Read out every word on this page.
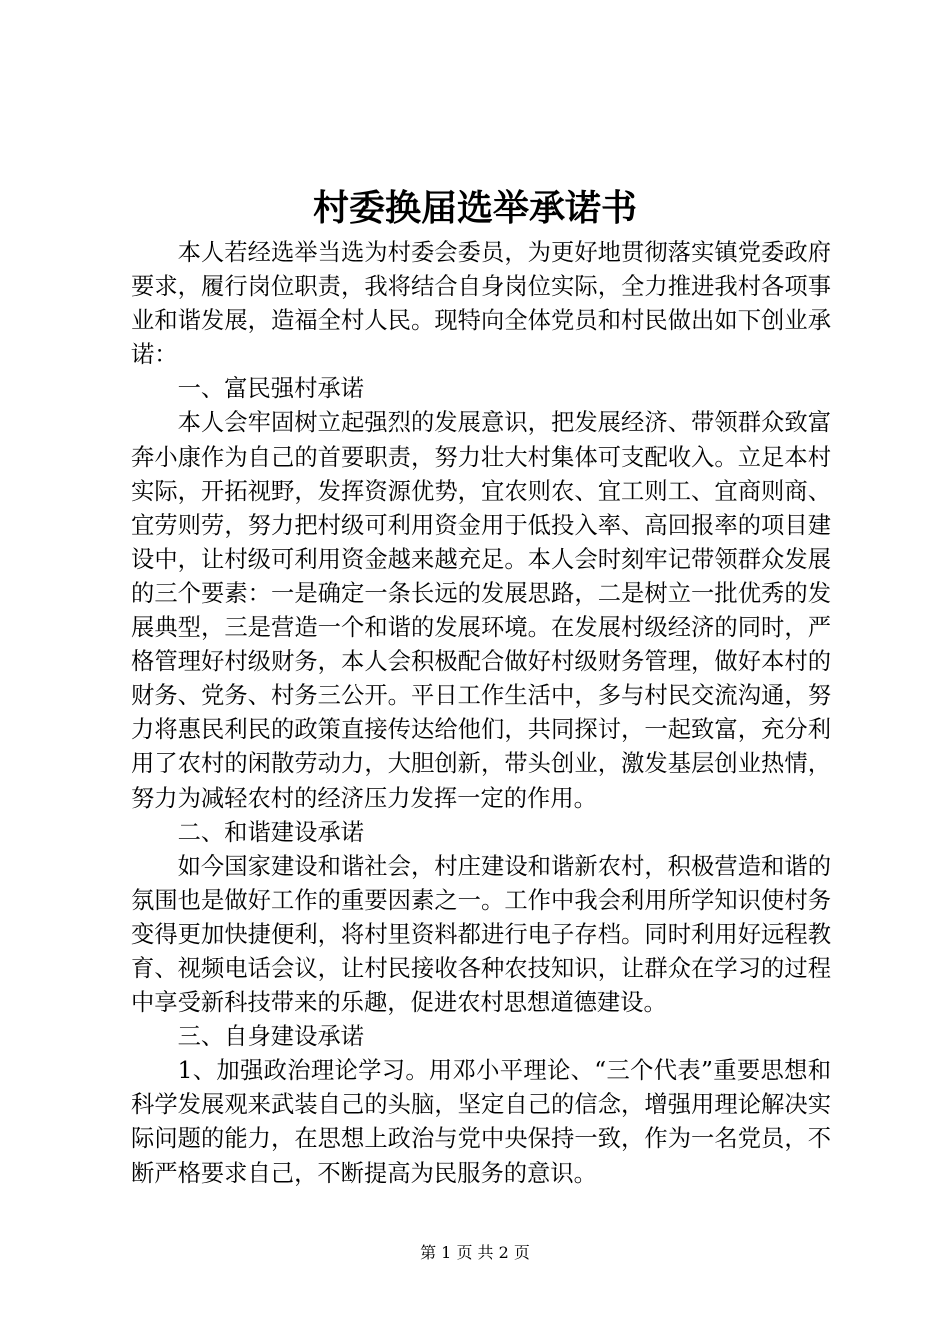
村委换届选举承诺书

本人若经选举当选为村委会委员，为更好地贯彻落实镇党委政府要求，履行岗位职责，我将结合自身岗位实际，全力推进我村各项事业和谐发展，造福全村人民。现特向全体党员和村民做出如下创业承诺：

一、富民强村承诺

本人会牢固树立起强烈的发展意识，把发展经济、带领群众致富奔小康作为自己的首要职责，努力壮大村集体可支配收入。立足本村实际，开拓视野，发挥资源优势，宜农则农、宜工则工、宜商则商、宜劳则劳，努力把村级可利用资金用于低投入率、高回报率的项目建设中，让村级可利用资金越来越充足。本人会时刻牢记带领群众发展的三个要素：一是确定一条长远的发展思路，二是树立一批优秀的发展典型，三是营造一个和谐的发展环境。在发展村级经济的同时，严格管理好村级财务，本人会积极配合做好村级财务管理，做好本村的财务、党务、村务三公开。平日工作生活中，多与村民交流沟通，努力将惠民利民的政策直接传达给他们，共同探讨，一起致富，充分利用了农村的闲散劳动力，大胆创新，带头创业，激发基层创业热情，努力为减轻农村的经济压力发挥一定的作用。

二、和谐建设承诺

如今国家建设和谐社会，村庄建设和谐新农村，积极营造和谐的氛围也是做好工作的重要因素之一。工作中我会利用所学知识使村务变得更加快捷便利，将村里资料都进行电子存档。同时利用好远程教育、视频电话会议，让村民接收各种农技知识，让群众在学习的过程中享受新科技带来的乐趣，促进农村思想道德建设。

三、自身建设承诺

1、加强政治理论学习。用邓小平理论、“三个代表”重要思想和科学发展观来武装自己的头脑，坚定自己的信念，增强用理论解决实际问题的能力，在思想上政治与党中央保持一致，作为一名党员，不断严格要求自己，不断提高为民服务的意识。

第 1 页 共 2 页
